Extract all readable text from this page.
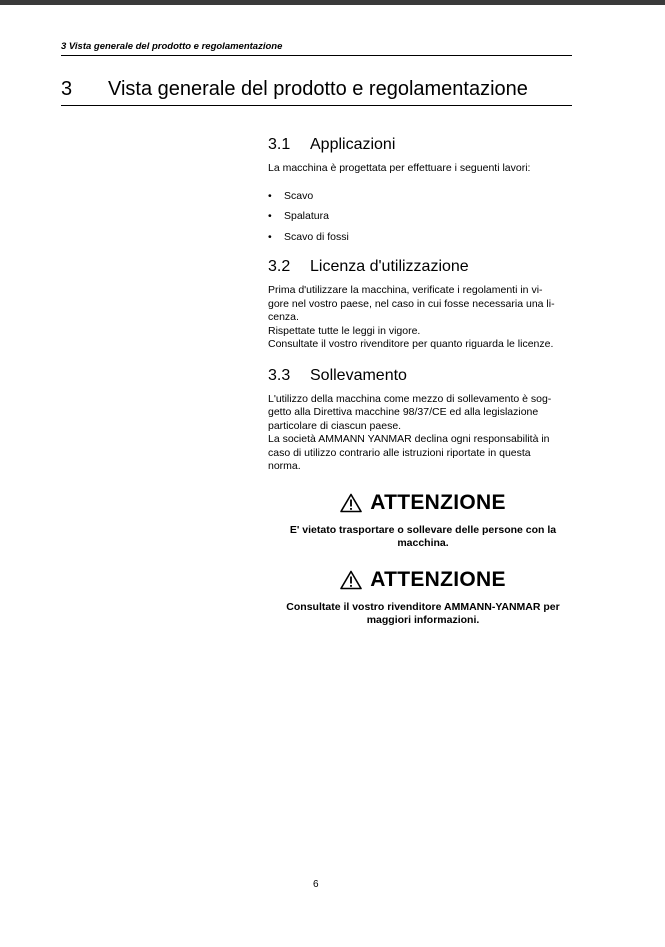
3 Vista generale del prodotto e regolamentazione
3 Vista generale del prodotto e regolamentazione
3.1 Applicazioni

La macchina è progettata per effettuare i seguenti lavori:

• Scavo
• Spalatura
• Scavo di fossi
3.2 Licenza d'utilizzazione

Prima d'utilizzare la macchina, verificate i regolamenti in vi-

gore nel vostro paese, nel caso in cui fosse necessaria una li-

cenza.

Rispettate tutte le leggi in vigore.

Consultate il vostro rivenditore per quanto riguarda le licenze.

3.3 Sollevamento

L'utilizzo della macchina come mezzo di sollevamento è sog-

getto alla Direttiva macchine 98/37/CE ed alla legislazione

particolare di ciascun paese.

La società AMMANN YANMAR declina ogni responsabilità in

caso di utilizzo contrario alle istruzioni riportate in questa

norma.

ATTENZIONE
E' vietato trasportare o sollevare delle persone con la
macchina.
ATTENZIONE
Consultate il vostro rivenditore AMMANN-YANMAR per
maggiori informazioni.
6
